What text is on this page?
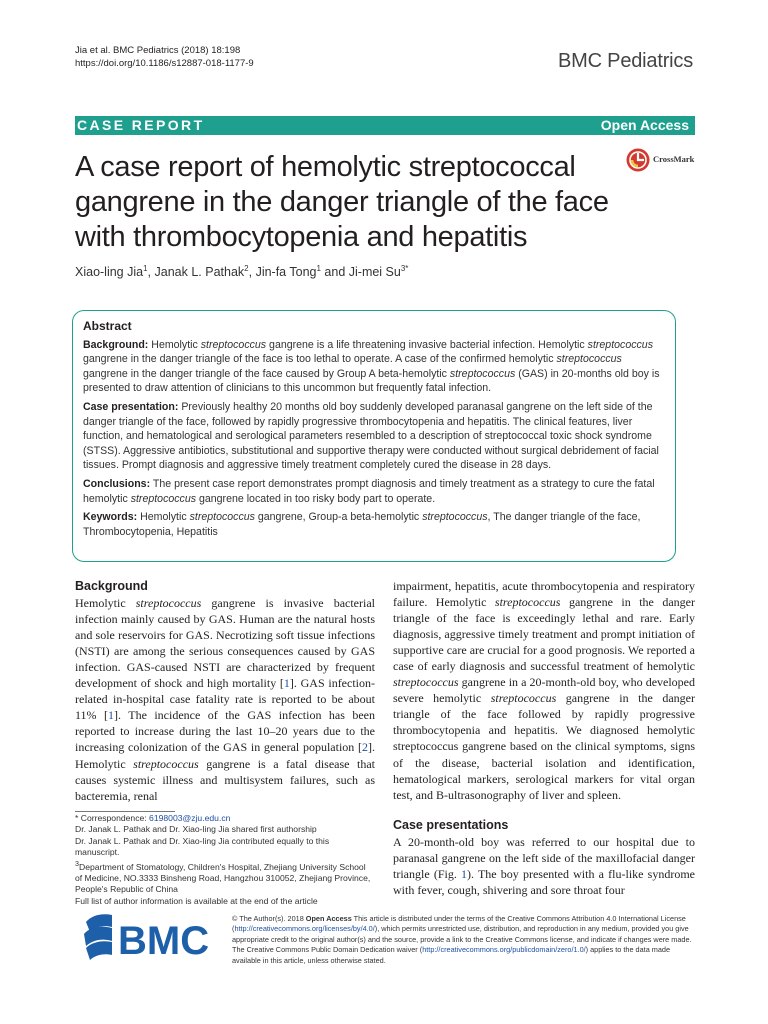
Jia et al. BMC Pediatrics (2018) 18:198
https://doi.org/10.1186/s12887-018-1177-9	BMC Pediatrics
CASE REPORT	Open Access
CrossMark
A case report of hemolytic streptococcal
gangrene in the danger triangle of the face
with thrombocytopenia and hepatitis
Xiao-ling Jia$^1$, Janak L. Pathak$^2$, Jin-fa Tong$^1$ and Ji-mei $Su^{3*}$
Abstract

Background: Hemolytic streptococcus gangrene is a life threatening invasive bacterial infection. Hemolytic streptococcus gangrene in the danger triangle of the face is too lethal to operate. A case of the confirmed hemolytic streptococcus gangrene in the danger triangle of the face caused by Group A beta-hemolytic streptococcus (GAS) in 20-months old boy is presented to draw attention of clinicians to this uncommon but frequently fatal infection.

Case presentation: Previously healthy 20 months old boy suddenly developed paranasal gangrene on the left side of the danger triangle of the face, followed by rapidly progressive thrombocytopenia and hepatitis. The clinical features, liver function, and hematological and serological parameters resembled to a description of streptococcal toxic shock syndrome (STSS). Aggressive antibiotics, substitutional and supportive therapy were conducted without surgical debridement of facial tissues. Prompt diagnosis and aggressive timely treatment completely cured the disease in 28 days.

Conclusions: The present case report demonstrates prompt diagnosis and timely treatment as a strategy to cure the fatal hemolytic streptococcus gangrene located in too risky body part to operate.

Keywords: Hemolytic streptococcus gangrene, Group-a beta-hemolytic streptococcus, The danger triangle of the face, Thrombocytopenia, Hepatitis

Background

Hemolytic streptococcus gangrene is invasive bacterial infection mainly caused by GAS. Human are the natural hosts and sole reservoirs for GAS. Necrotizing soft tissue infections (NSTI) are among the serious consequences caused by GAS infection. GAS-caused NSTI are characterized by frequent development of shock and high mortality [1]. GAS infection-related in-hospital case fatality rate is reported to be about 11% [1]. The incidence of the GAS infection has been reported to increase during the last 10–20 years due to the increasing colonization of the GAS in general population [2]. Hemolytic streptococcus gangrene is a fatal disease that causes systemic illness and multisystem failures, such as bacteremia, renal

impairment, hepatitis, acute thrombocytopenia and respiratory failure. Hemolytic streptococcus gangrene in the danger triangle of the face is exceedingly lethal and rare. Early diagnosis, aggressive timely treatment and prompt initiation of supportive care are crucial for a good prognosis. We reported a case of early diagnosis and successful treatment of hemolytic streptococcus gangrene in a 20-month-old boy, who developed severe hemolytic streptococcus gangrene in the danger triangle of the face followed by rapidly progressive thrombocytopenia and hepatitis. We diagnosed hemolytic streptococcus gangrene based on the clinical symptoms, signs of the disease, bacterial isolation and identification, hematological markers, serological markers for vital organ test, and B-ultrasonography of liver and spleen.

Case presentations

A 20-month-old boy was referred to our hospital due to paranasal gangrene on the left side of the maxillofacial danger triangle (Fig. 1). The boy presented with a flu-like syndrome with fever, cough, shivering and sore throat four

* Correspondence: 6198003@zju.edu.cn

Dr. Janak L. Pathak and Dr. Xiao-ling Jia shared first authorship

Dr. Janak L. Pathak and Dr. Xiao-ling Jia contributed equally to this manuscript.

$^3$Department of Stomatology, Children's Hospital, Zhejiang University School of Medicine, NO.3333 Binsheng Road, Hangzhou 310052, Zhejiang Province, People's Republic of China

Full list of author information is available at the end of the article

BMC
© The Author(s). 2018 Open Access This article is distributed under the terms of the Creative Commons Attribution 4.0 International License (http://creativecommons.org/licenses/by/4.0/), which permits unrestricted use, distribution, and reproduction in any medium, provided you give appropriate credit to the original author(s) and the source, provide a link to the Creative Commons license, and indicate if changes were made. The Creative Commons Public Domain Dedication waiver (http://creativecommons.org/publicdomain/zero/1.0/) applies to the data made available in this article, unless otherwise stated.
